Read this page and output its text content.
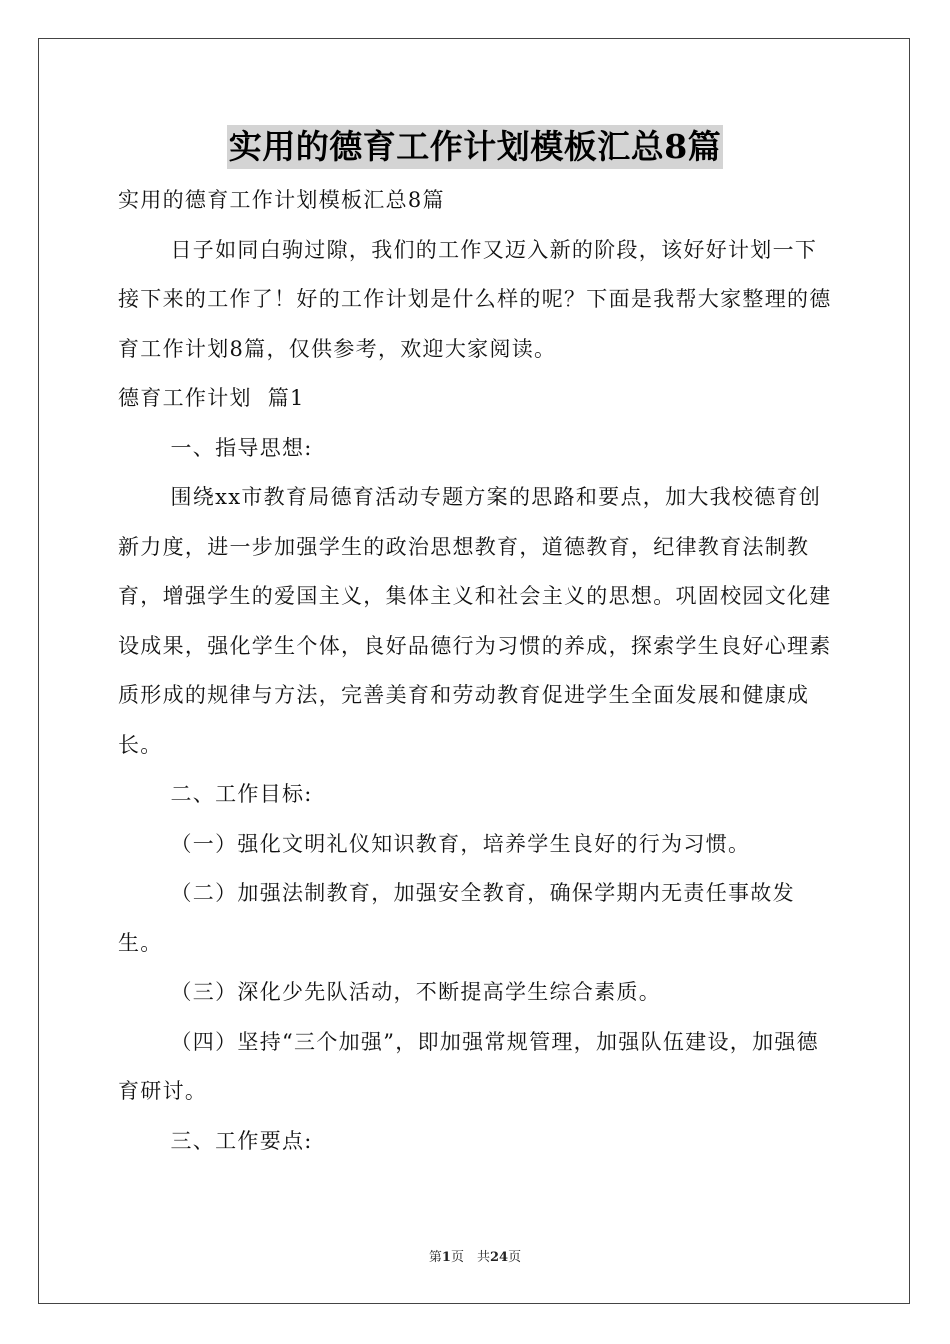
实用的德育工作计划模板汇总8篇

实用的德育工作计划模板汇总8篇

日子如同白驹过隙，我们的工作又迈入新的阶段，该好好计划一下接下来的工作了！好的工作计划是什么样的呢？下面是我帮大家整理的德育工作计划8篇，仅供参考，欢迎大家阅读。

德育工作计划  篇1

一、指导思想:

围绕xx市教育局德育活动专题方案的思路和要点，加大我校德育创新力度，进一步加强学生的政治思想教育，道德教育，纪律教育法制教育，增强学生的爱国主义，集体主义和社会主义的思想。巩固校园文化建设成果，强化学生个体，良好品德行为习惯的养成，探索学生良好心理素质形成的规律与方法，完善美育和劳动教育促进学生全面发展和健康成长。

二、工作目标:

（一）强化文明礼仪知识教育，培养学生良好的行为习惯。

（二）加强法制教育，加强安全教育，确保学期内无责任事故发生。

（三）深化少先队活动，不断提高学生综合素质。

（四）坚持“三个加强”，即加强常规管理，加强队伍建设，加强德育研讨。

三、工作要点:

第1页　共24页
